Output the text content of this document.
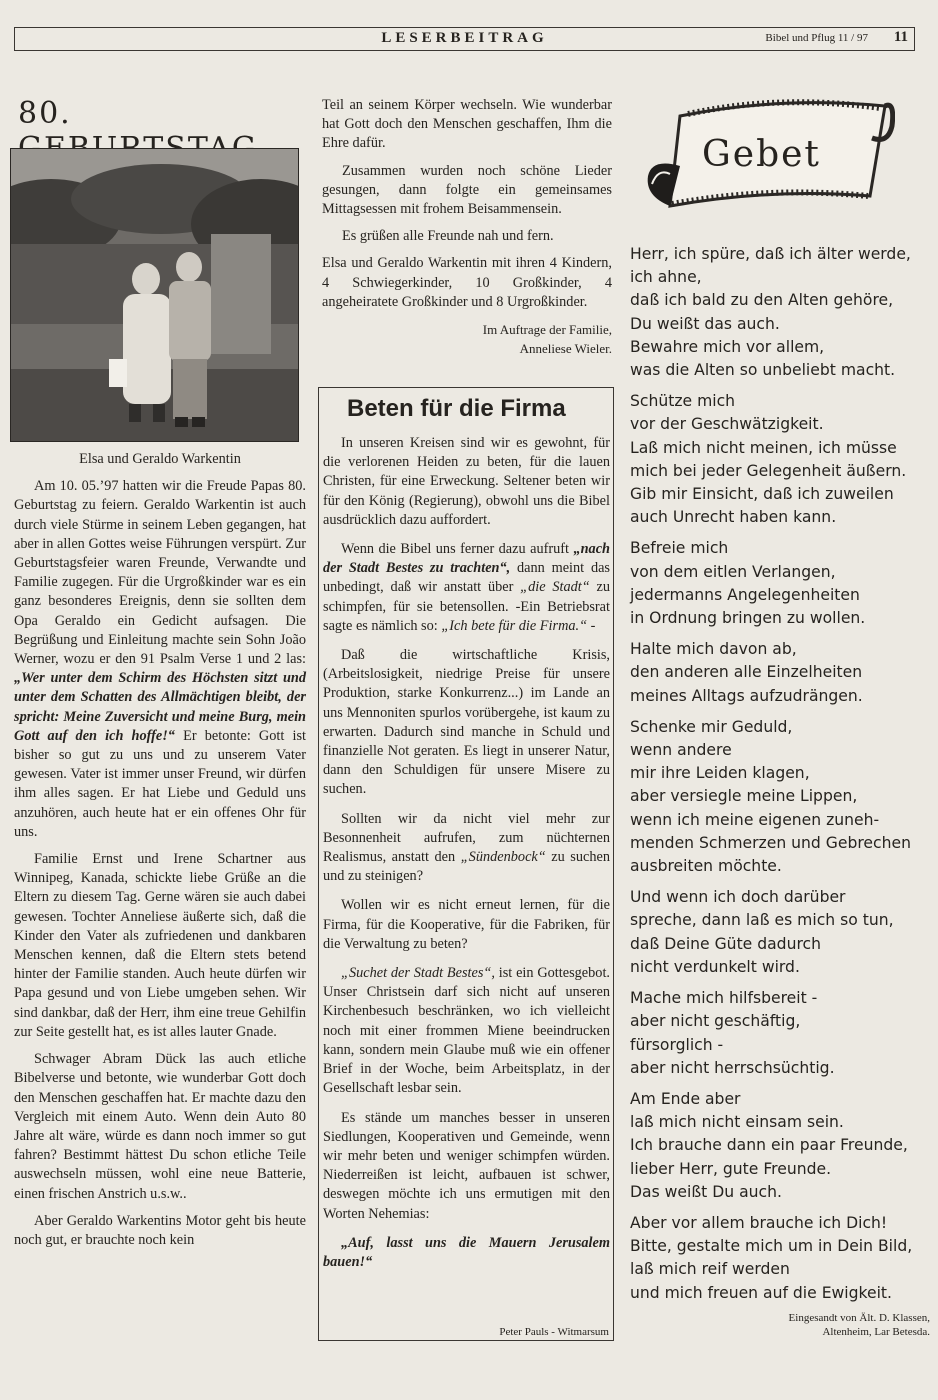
LESERBEITRAG	Bibel und Pflug 11 / 97 11
80.

Elsa und Geraldo Warkentin

Am 10. 05.’97 hatten wir die Freude Papas 80. Geburtstag zu feiern. Geraldo Warkentin ist auch durch viele Stürme in seinem Leben gegangen, hat aber in allen Gottes weise Führungen verspürt. Zur Geburtstagsfeier waren Freunde, Verwandte und Familie zugegen. Für die Urgroßkinder war es ein ganz besonderes Ereignis, denn sie sollten dem Opa Geraldo ein Gedicht aufsagen. Die Begrüßung und Einleitung machte sein Sohn João Werner, wozu er den 91 Psalm Verse 1 und 2 las: „Wer unter dem Schirm des Höchsten sitzt und unter dem Schatten des Allmächtigen bleibt, der spricht: Meine Zuversicht und meine Burg, mein Gott auf den ich hoffe!“ Er betonte: Gott ist bisher so gut zu uns und zu unserem Vater gewesen. Vater ist immer unser Freund, wir dürfen ihm alles sagen. Er hat Liebe und Geduld uns anzuhören, auch heute hat er ein offenes Ohr für uns.

Familie Ernst und Irene Schartner aus Winnipeg, Kanada, schickte liebe Grüße an die Eltern zu diesem Tag. Gerne wären sie auch dabei gewesen. Tochter Anneliese äußerte sich, daß die Kinder den Vater als zufriedenen und dankbaren Menschen kennen, daß die Eltern stets betend hinter der Familie standen. Auch heute dürfen wir Papa gesund und von Liebe umgeben sehen. Wir sind dankbar, daß der Herr, ihm eine treue Gehilfin zur Seite gestellt hat, es ist alles lauter Gnade.

Schwager Abram Dück las auch etliche Bibelverse und betonte, wie wunderbar Gott doch den Menschen geschaffen hat. Er machte dazu den Vergleich mit einem Auto. Wenn dein Auto 80 Jahre alt wäre, würde es dann noch immer so gut fahren? Bestimmt hättest Du schon etliche Teile auswechseln müssen, wohl eine neue Batterie, einen frischen Anstrich u.s.w..

Aber Geraldo Warkentins Motor geht bis heute noch gut, er brauchte noch kein

Teil an seinem Körper wechseln. Wie wunderbar hat Gott doch den Menschen geschaffen, Ihm die Ehre dafür.

Zusammen wurden noch schöne Lieder gesungen, dann folgte ein gemeinsames Mittagsessen mit frohem Beisammensein.

Es grüßen alle Freunde nah und fern.

Elsa und Geraldo Warkentin mit ihren 4 Kindern, 4 Schwiegerkinder, 10 Großkinder, 4 angeheiratete Großkinder und 8 Urgroßkinder.

Im Auftrage der Familie,
Anneliese Wieler.
Beten für die Firma

In unseren Kreisen sind wir es gewohnt, für die verlorenen Heiden zu beten, für die lauen Christen, für eine Erweckung. Seltener beten wir für den König (Regierung), obwohl uns die Bibel ausdrücklich dazu auffordert.

Wenn die Bibel uns ferner dazu aufruft „nach der Stadt Bestes zu trachten“, dann meint das unbedingt, daß wir anstatt über „die Stadt“ zu schimpfen, für sie betensollen. -Ein Betriebsrat sagte es nämlich so: „Ich bete für die Firma.“ -

Daß die wirtschaftliche Krisis, (Arbeitslosigkeit, niedrige Preise für unsere Produktion, starke Konkurrenz...) im Lande an uns Mennoniten spurlos vorübergehe, ist kaum zu erwarten. Dadurch sind manche in Schuld und finanzielle Not geraten. Es liegt in unserer Natur, dann den Schuldigen für unsere Misere zu suchen.

Sollten wir da nicht viel mehr zur Besonnenheit aufrufen, zum nüchternen Realismus, anstatt den „Sündenbock“ zu suchen und zu steinigen?

Wollen wir es nicht erneut lernen, für die Firma, für die Kooperative, für die Fabriken, für die Verwaltung zu beten?

„Suchet der Stadt Bestes“, ist ein Gottesgebot. Unser Christsein darf sich nicht auf unseren Kirchenbesuch beschränken, wo ich vielleicht noch mit einer frommen Miene beeindrucken kann, sondern mein Glaube muß wie ein offener Brief in der Woche, beim Arbeitsplatz, in der Gesellschaft lesbar sein.

Es stände um manches besser in unseren Siedlungen, Kooperativen und Gemeinde, wenn wir mehr beten und weniger schimpfen würden. Niederreißen ist leicht, aufbauen ist schwer, deswegen möchte ich uns ermutigen mit den Worten Nehemias:

„Auf, lasst uns die Mauern Jerusalem bauen!“

Peter Pauls - Witmarsum
Gebet
Herr, ich spüre, daß ich älter werde,
ich ahne,
daß ich bald zu den Alten gehöre,
Du weißt das auch.
Bewahre mich vor allem,
was die Alten so unbeliebt macht.
Schütze mich
vor der Geschwätzigkeit.
Laß mich nicht meinen, ich müsse
mich bei jeder Gelegenheit äußern.
Gib mir Einsicht, daß ich zuweilen
auch Unrecht haben kann.
Befreie mich
von dem eitlen Verlangen,
jedermanns Angelegenheiten
in Ordnung bringen zu wollen.
Halte mich davon ab,
den anderen alle Einzelheiten
meines Alltags aufzudrängen.
Schenke mir Geduld,
wenn andere
mir ihre Leiden klagen,
aber versiegle meine Lippen,
wenn ich meine eigenen zuneh-
menden Schmerzen und Gebrechen
ausbreiten möchte.
Und wenn ich doch darüber
spreche, dann laß es mich so tun,
daß Deine Güte dadurch
nicht verdunkelt wird.
Mache mich hilfsbereit -
aber nicht geschäftig,
fürsorglich -
aber nicht herrschsüchtig.
Am Ende aber
laß mich nicht einsam sein.
Ich brauche dann ein paar Freunde,
lieber Herr, gute Freunde.
Das weißt Du auch.
Aber vor allem brauche ich Dich!
Bitte, gestalte mich um in Dein Bild,
laß mich reif werden
und mich freuen auf die Ewigkeit.
Eingesandt von Ält. D. Klassen,
Altenheim, Lar Betesda.
